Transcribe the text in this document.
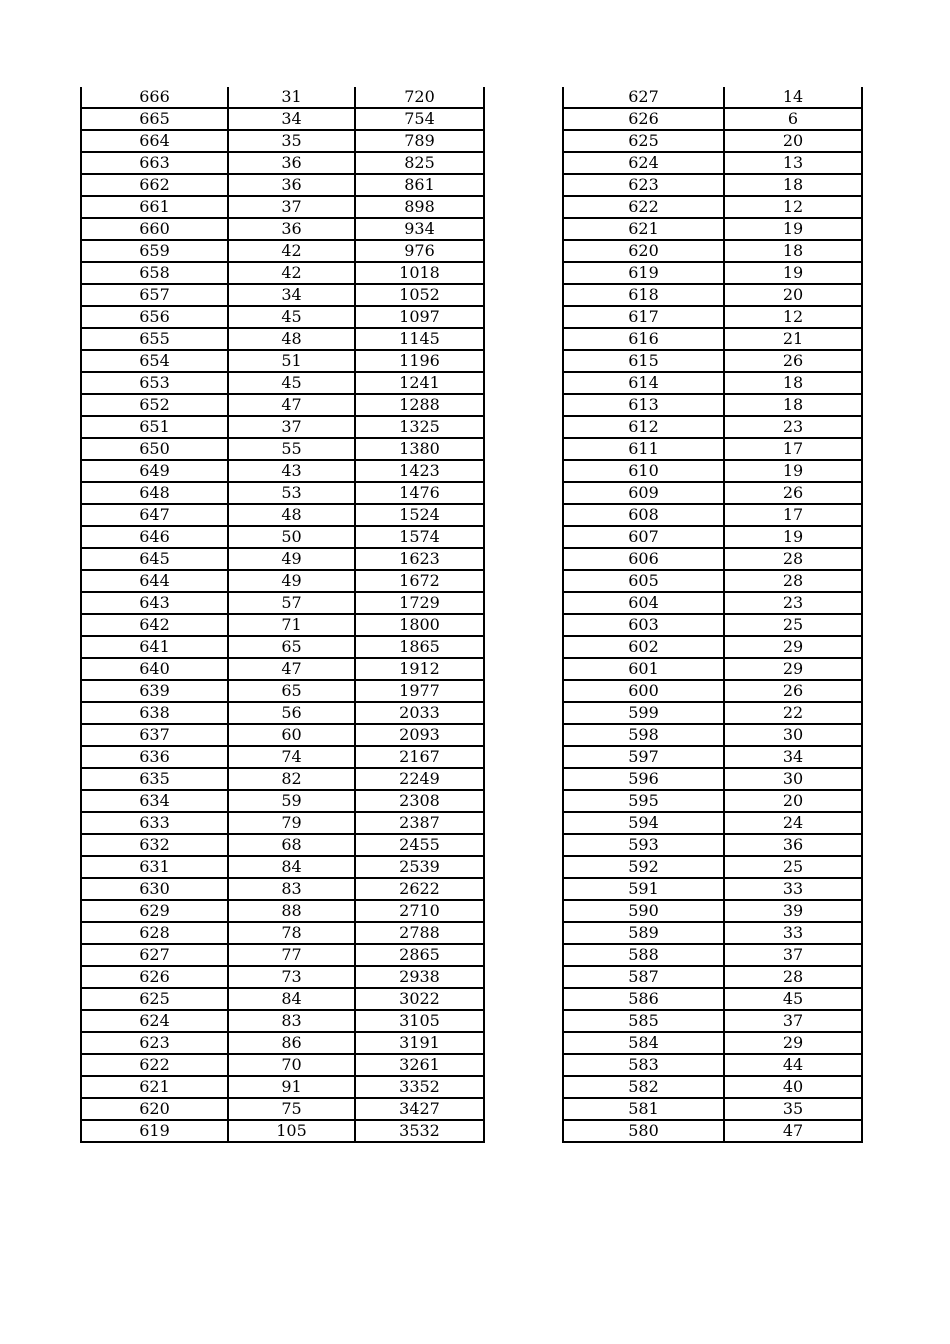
666	31	720
665	34	754
664	35	789
663	36	825
662	36	861
661	37	898
660	36	934
659	42	976
658	42	1018
657	34	1052
656	45	1097
655	48	1145
654	51	1196
653	45	1241
652	47	1288
651	37	1325
650	55	1380
649	43	1423
648	53	1476
647	48	1524
646	50	1574
645	49	1623
644	49	1672
643	57	1729
642	71	1800
641	65	1865
640	47	1912
639	65	1977
638	56	2033
637	60	2093
636	74	2167
635	82	2249
634	59	2308
633	79	2387
632	68	2455
631	84	2539
630	83	2622
629	88	2710
628	78	2788
627	77	2865
626	73	2938
625	84	3022
624	83	3105
623	86	3191
622	70	3261
621	91	3352
620	75	3427
619	105	3532
627	14
626	6
625	20
624	13
623	18
622	12
621	19
620	18
619	19
618	20
617	12
616	21
615	26
614	18
613	18
612	23
611	17
610	19
609	26
608	17
607	19
606	28
605	28
604	23
603	25
602	29
601	29
600	26
599	22
598	30
597	34
596	30
595	20
594	24
593	36
592	25
591	33
590	39
589	33
588	37
587	28
586	45
585	37
584	29
583	44
582	40
581	35
580	47
